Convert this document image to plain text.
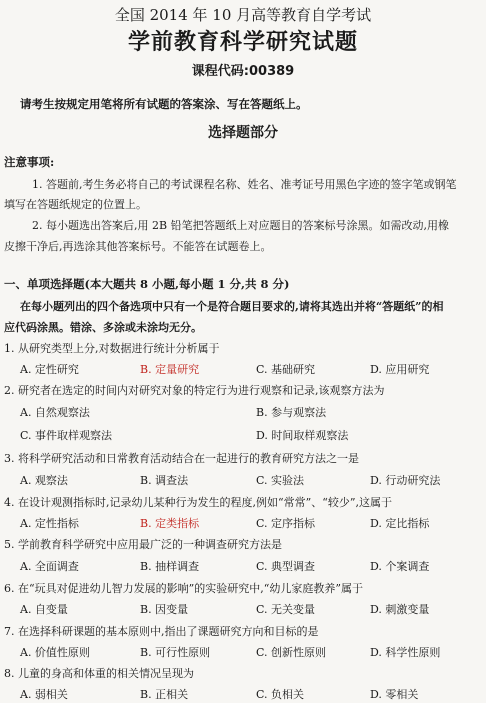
全国 2014 年 10 月高等教育自学考试
学前教育科学研究试题
课程代码:00389
请考生按规定用笔将所有试题的答案涂、写在答题纸上。
选择题部分
注意事项:
1. 答题前,考生务必将自己的考试课程名称、姓名、准考证号用黑色字迹的签字笔或钢笔
填写在答题纸规定的位置上。
2. 每小题选出答案后,用 2B 铅笔把答题纸上对应题目的答案标号涂黑。如需改动,用橡
皮擦干净后,再选涂其他答案标号。不能答在试题卷上。
一、单项选择题(本大题共 8 小题,每小题 1 分,共 8 分)
在每小题列出的四个备选项中只有一个是符合题目要求的,请将其选出并将“答题纸”的相
应代码涂黑。错涂、多涂或未涂均无分。
1. 从研究类型上分,对数据进行统计分析属于
A. 定性研究	B. 定量研究	C. 基础研究	D. 应用研究
2. 研究者在选定的时间内对研究对象的特定行为进行观察和记录,该观察方法为
A. 自然观察法	B. 参与观察法
C. 事件取样观察法	D. 时间取样观察法
3. 将科学研究活动和日常教育活动结合在一起进行的教育研究方法之一是
A. 观察法	B. 调查法	C. 实验法	D. 行动研究法
4. 在设计观测指标时,记录幼儿某种行为发生的程度,例如“常常”、“较少”,这属于
A. 定性指标	B. 定类指标	C. 定序指标	D. 定比指标
5. 学前教育科学研究中应用最广泛的一种调查研究方法是
A. 全面调查	B. 抽样调查	C. 典型调查	D. 个案调查
6. 在“玩具对促进幼儿智力发展的影响”的实验研究中,“幼儿家庭教养”属于
A. 自变量	B. 因变量	C. 无关变量	D. 刺激变量
7. 在选择科研课题的基本原则中,指出了课题研究方向和目标的是
A. 价值性原则	B. 可行性原则	C. 创新性原则	D. 科学性原则
8. 儿童的身高和体重的相关情况呈现为
A. 弱相关	B. 正相关	C. 负相关	D. 零相关
